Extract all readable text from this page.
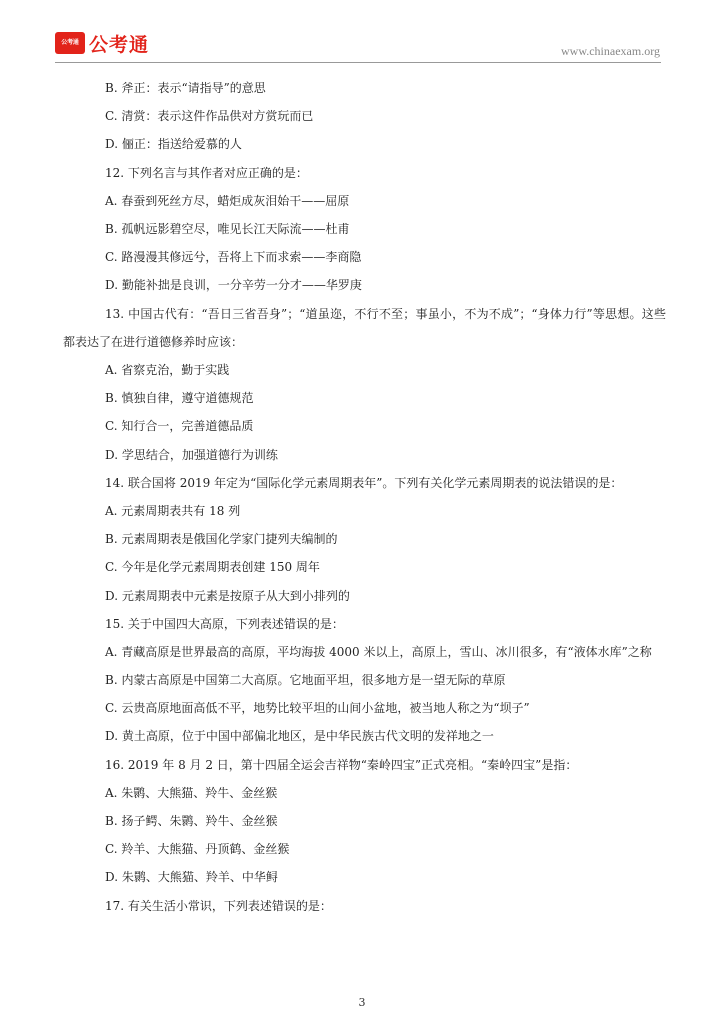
公考通 公考通	www.chinaexam.org

B. 斧正：表示“请指导”的意思

C. 清赏：表示这件作品供对方赏玩而已

D. 俪正：指送给爱慕的人

12. 下列名言与其作者对应正确的是：

A. 春蚕到死丝方尽，蜡炬成灰泪始干——屈原

B. 孤帆远影碧空尽，唯见长江天际流——杜甫

C. 路漫漫其修远兮，吾将上下而求索——李商隐

D. 勤能补拙是良训，一分辛劳一分才——华罗庚

13. 中国古代有：“吾日三省吾身”；“道虽迩，不行不至；事虽小，不为不成”；“身体力行”等思想。这些都表达了在进行道德修养时应该：

A. 省察克治，勤于实践

B. 慎独自律，遵守道德规范

C. 知行合一，完善道德品质

D. 学思结合，加强道德行为训练

14. 联合国将 2019 年定为“国际化学元素周期表年”。下列有关化学元素周期表的说法错误的是：

A. 元素周期表共有 18 列

B. 元素周期表是俄国化学家门捷列夫编制的

C. 今年是化学元素周期表创建 150 周年

D. 元素周期表中元素是按原子从大到小排列的

15. 关于中国四大高原，下列表述错误的是：

A. 青藏高原是世界最高的高原，平均海拔 4000 米以上，高原上，雪山、冰川很多，有“液体水库”之称

B. 内蒙古高原是中国第二大高原。它地面平坦，很多地方是一望无际的草原

C. 云贵高原地面高低不平，地势比较平坦的山间小盆地，被当地人称之为“坝子”

D. 黄土高原，位于中国中部偏北地区，是中华民族古代文明的发祥地之一

16. 2019 年 8 月 2 日，第十四届全运会吉祥物“秦岭四宝”正式亮相。“秦岭四宝”是指：

A. 朱鹮、大熊猫、羚牛、金丝猴

B. 扬子鳄、朱鹮、羚牛、金丝猴

C. 羚羊、大熊猫、丹顶鹤、金丝猴

D. 朱鹮、大熊猫、羚羊、中华鲟

17. 有关生活小常识，下列表述错误的是：

3
